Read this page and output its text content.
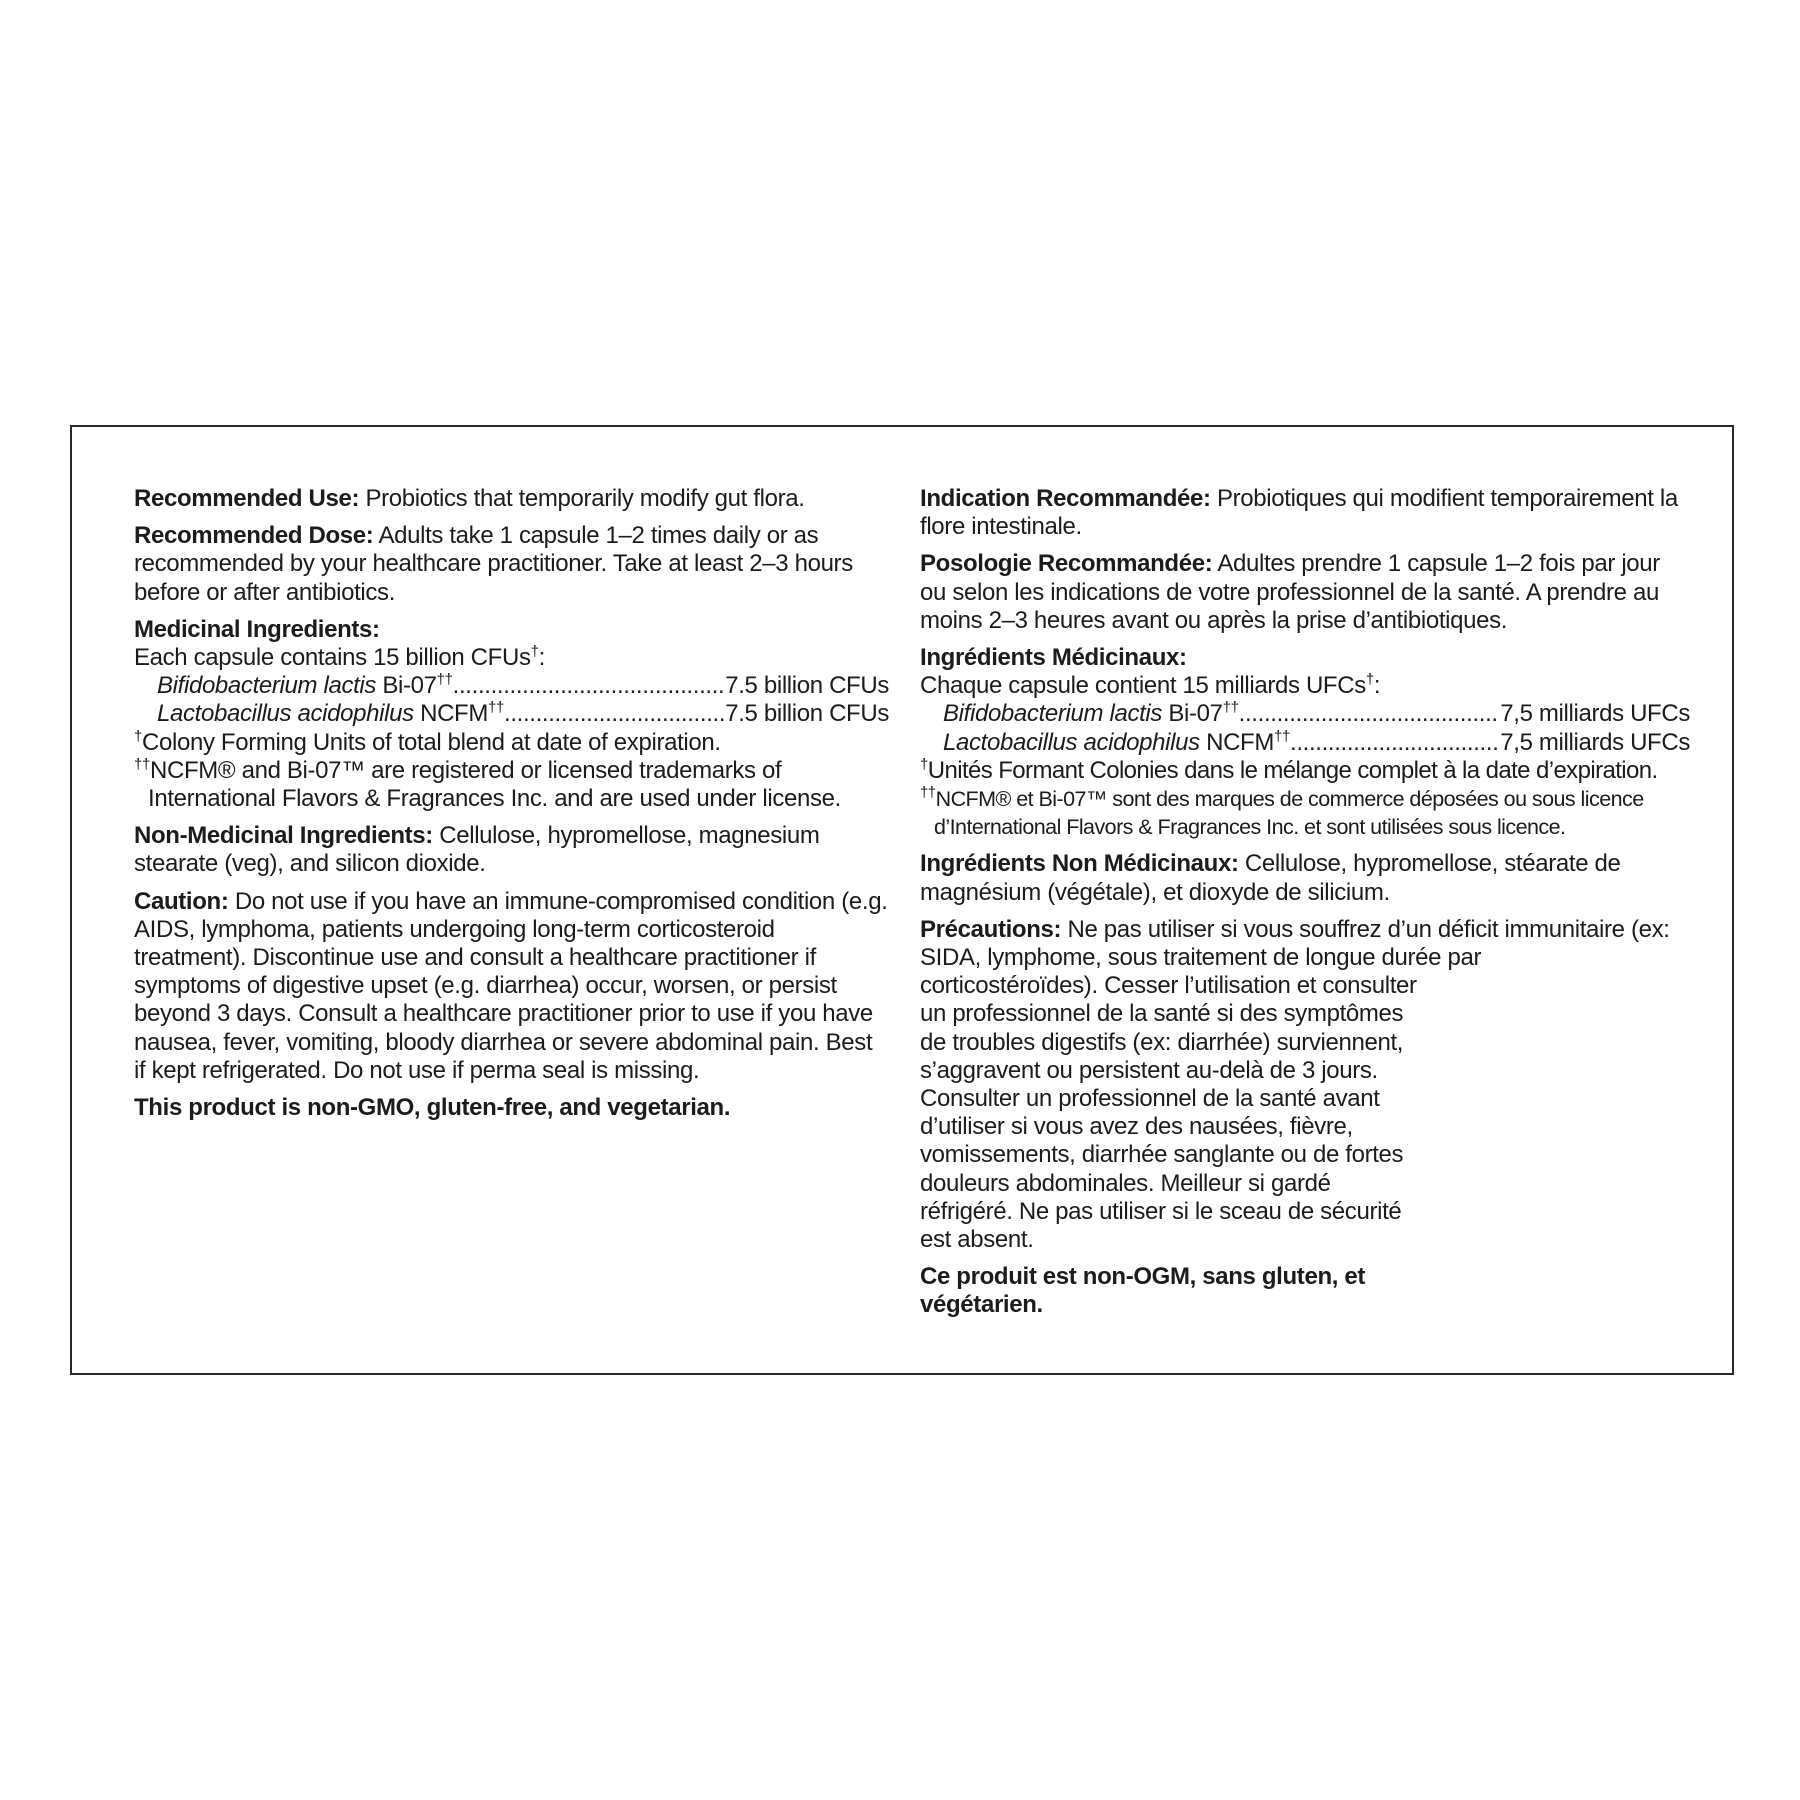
Recommended Use: Probiotics that temporarily modify gut flora.

Recommended Dose: Adults take 1 capsule 1–2 times daily or as recommended by your healthcare practitioner. Take at least 2–3 hours before or after antibiotics.

Medicinal Ingredients:
Each capsule contains 15 billion CFUs†:
Bifidobacterium lactis Bi-07†† .....	7.5 billion CFUs
Lactobacillus acidophilus NCFM†† .....	7.5 billion CFUs
†Colony Forming Units of total blend at date of expiration.
††NCFM® and Bi-07™ are registered or licensed trademarks of
International Flavors & Fragrances Inc. and are used under license.

Non-Medicinal Ingredients: Cellulose, hypromellose, magnesium stearate (veg), and silicon dioxide.

Caution: Do not use if you have an immune-compromised condition (e.g. AIDS, lymphoma, patients undergoing long-term corticosteroid treatment). Discontinue use and consult a healthcare practitioner if symptoms of digestive upset (e.g. diarrhea) occur, worsen, or persist beyond 3 days. Consult a healthcare practitioner prior to use if you have nausea, fever, vomiting, bloody diarrhea or severe abdominal pain. Best if kept refrigerated. Do not use if perma seal is missing.

This product is non-GMO, gluten-free, and vegetarian.

Indication Recommandée: Probiotiques qui modifient temporairement la flore intestinale.

Posologie Recommandée: Adultes prendre 1 capsule 1–2 fois par jour ou selon les indications de votre professionnel de la santé. A prendre au moins 2–3 heures avant ou après la prise d’antibiotiques.

Ingrédients Médicinaux:
Chaque capsule contient 15 milliards UFCs†:
Bifidobacterium lactis Bi-07†† .....	7,5 milliards UFCs
Lactobacillus acidophilus NCFM†† .....	7,5 milliards UFCs
†Unités Formant Colonies dans le mélange complet à la date d’expiration.
††NCFM® et Bi-07™ sont des marques de commerce déposées ou sous licence
d’International Flavors & Fragrances Inc. et sont utilisées sous licence.

Ingrédients Non Médicinaux: Cellulose, hypromellose, stéarate de magnésium (végétale), et dioxyde de silicium.

Précautions: Ne pas utiliser si vous souffrez d’un déficit immunitaire (ex: SIDA, lymphome, sous traitement de longue durée par
corticostéroïdes). Cesser l’utilisation et consulter un professionnel de la santé si des symptômes de troubles digestifs (ex: diarrhée) surviennent, s’aggravent ou persistent au-delà de 3 jours. Consulter un professionnel de la santé avant d’utiliser si vous avez des nausées, fièvre, vomissements, diarrhée sanglante ou de fortes douleurs abdominales. Meilleur si gardé réfrigéré. Ne pas utiliser si le sceau de sécurité est absent.

Ce produit est non-OGM, sans gluten, et végétarien.
